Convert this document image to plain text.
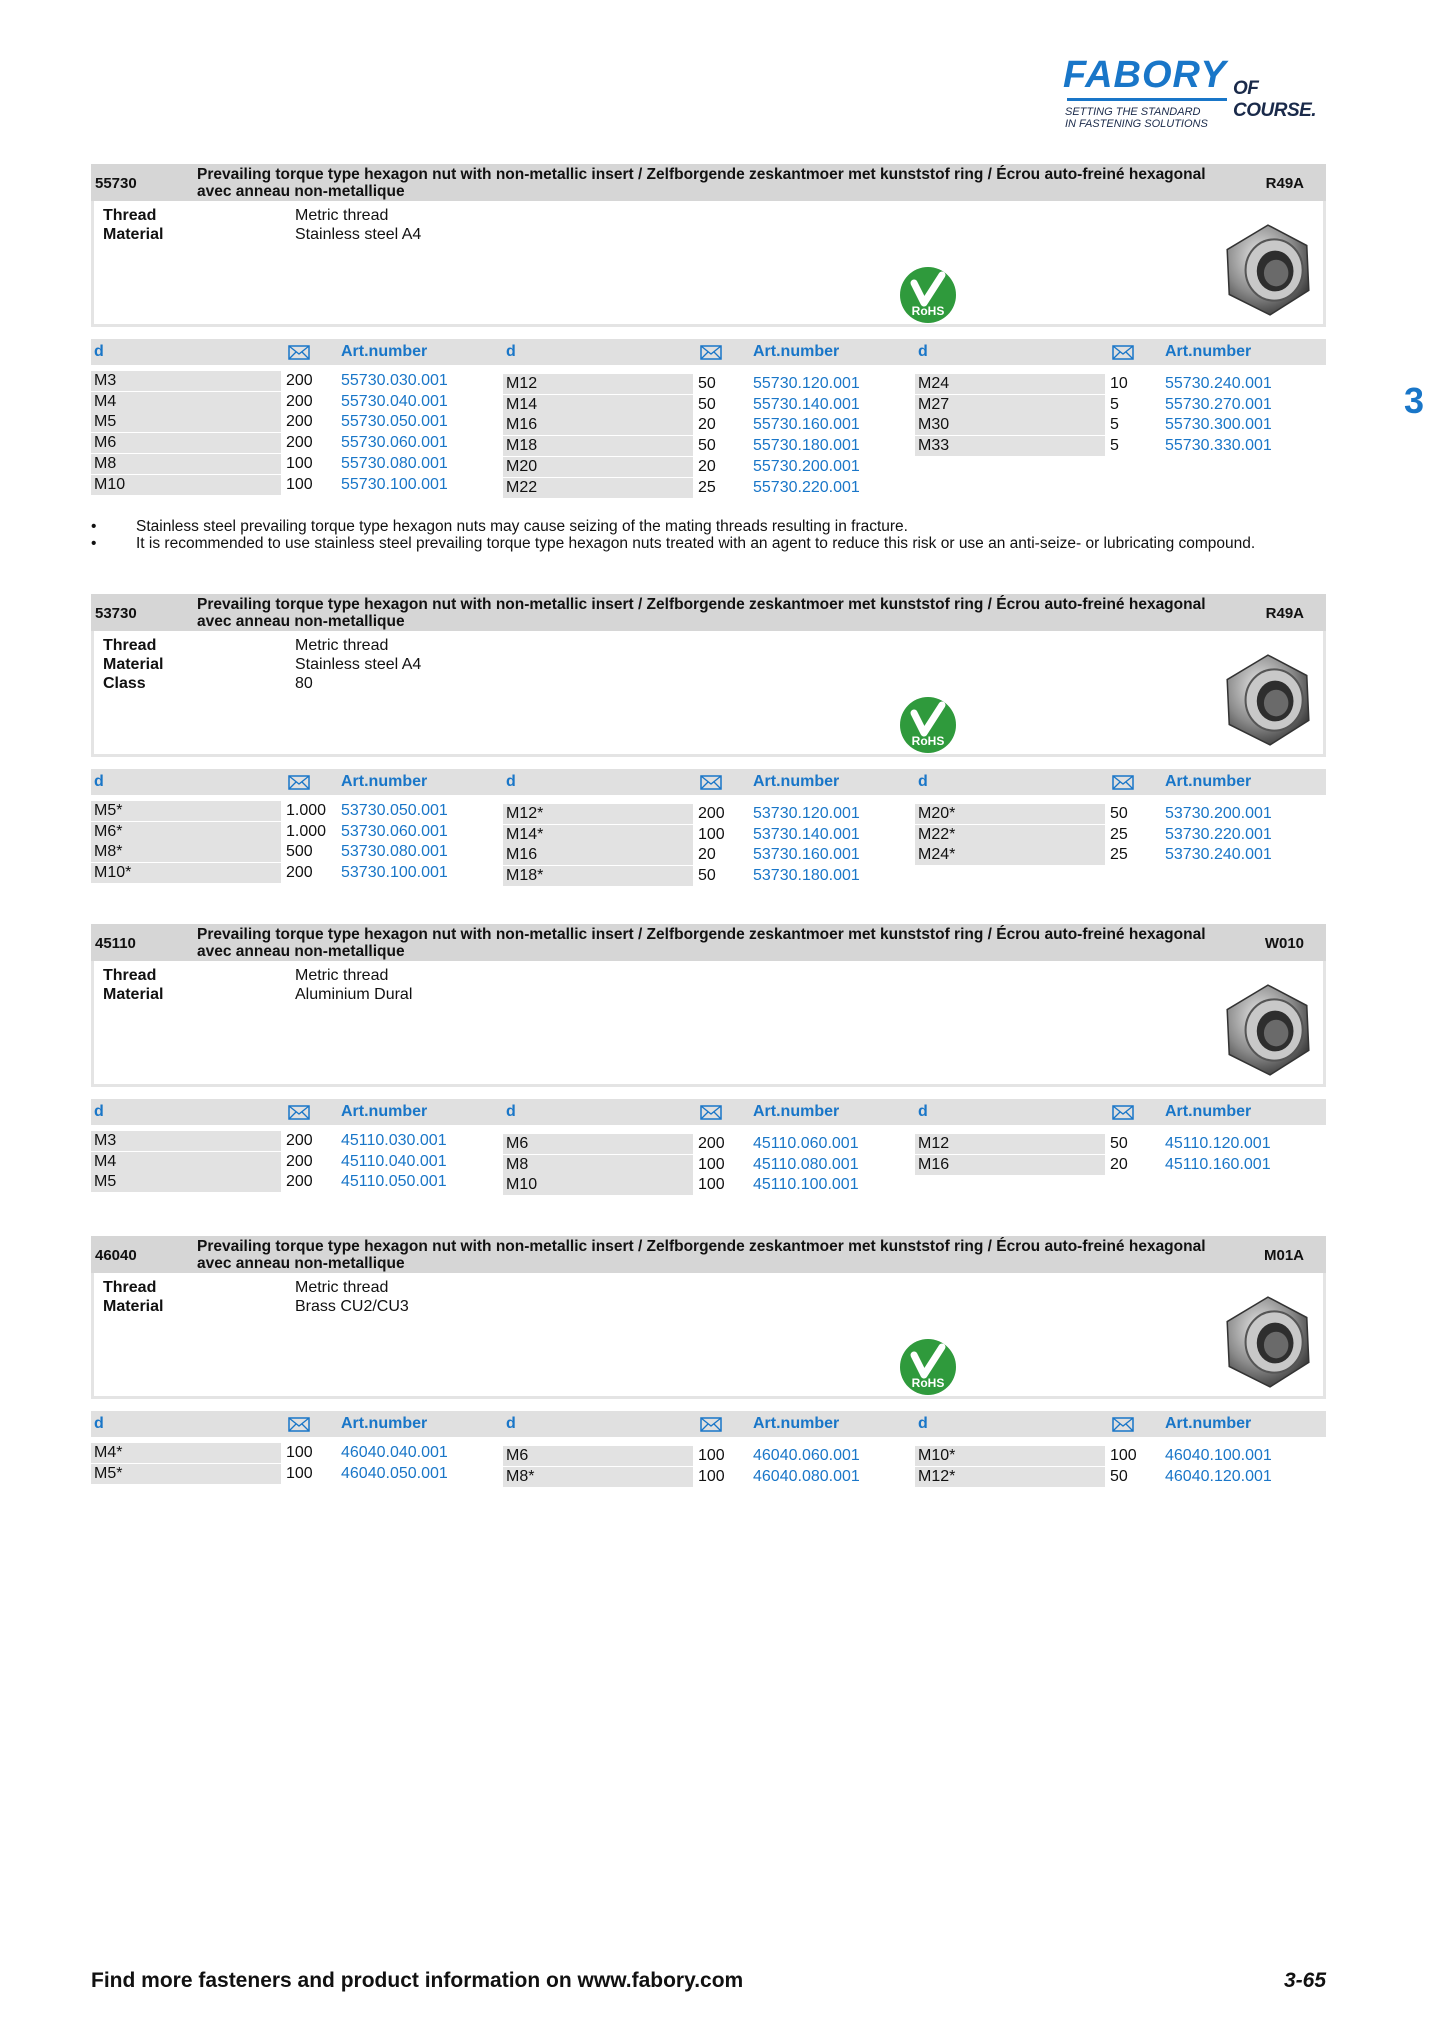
FABORY OF COURSE.
SETTING THE STANDARD
IN FASTENING SOLUTIONS
3
55730
Prevailing torque type hexagon nut with non-metallic insert / Zelfborgende zeskantmoer met kunststof ring / Écrou auto-freiné hexagonal avec anneau non-metallique	R49A
Thread	Metric thread
Material	Stainless steel A4
RoHS
d	Art.number	d	Art.number	d	Art.number
M3	200 55730.030.001
M4	200 55730.040.001
M5	200 55730.050.001
M6	200 55730.060.001
M8	100 55730.080.001
M10	100 55730.100.001
M12	50 55730.120.001
M14	50 55730.140.001
M16	20 55730.160.001
M18	50 55730.180.001
M20	20 55730.200.001
M22	25 55730.220.001
M24	10 55730.240.001
M27	5	55730.270.001
M30	5	55730.300.001
M33	5	55730.330.001
53730
Prevailing torque type hexagon nut with non-metallic insert / Zelfborgende zeskantmoer met kunststof ring / Écrou auto-freiné hexagonal avec anneau non-metallique	R49A
Thread	Metric thread
Material	Stainless steel A4
Class	80
RoHS
d	Art.number	d	Art.number	d	Art.number
M5*	1.000 53730.050.001
M6*	1.000 53730.060.001
M8*	500 53730.080.001
M10*	200 53730.100.001
M12*	200 53730.120.001
M14*	100 53730.140.001
M16	20 53730.160.001
M18*	50 53730.180.001
M20*	50 53730.200.001
M22*	25 53730.220.001
M24*	25 53730.240.001
45110
Prevailing torque type hexagon nut with non-metallic insert / Zelfborgende zeskantmoer met kunststof ring / Écrou auto-freiné hexagonal avec anneau non-metallique	W010
Thread	Metric thread
Material	Aluminium Dural
d	Art.number	d	Art.number	d	Art.number
M3	200 45110.030.001
M4	200 45110.040.001
M5	200 45110.050.001
M6	200 45110.060.001
M8	100 45110.080.001
M10	100 45110.100.001
M12	50 45110.120.001
M16	20 45110.160.001
46040
Prevailing torque type hexagon nut with non-metallic insert / Zelfborgende zeskantmoer met kunststof ring / Écrou auto-freiné hexagonal avec anneau non-metallique	M01A
Thread	Metric thread
Material	Brass CU2/CU3
RoHS
d	Art.number	d	Art.number	d	Art.number
M4*	100 46040.040.001
M5*	100 46040.050.001
M6	100 46040.060.001
M8*	100 46040.080.001
M10*	100 46040.100.001
M12*	50 46040.120.001
•	Stainless steel prevailing torque type hexagon nuts may cause seizing of the mating threads resulting in fracture.
•	It is recommended to use stainless steel prevailing torque type hexagon nuts treated with an agent to reduce this risk or use an anti-seize- or lubricating compound.
Find more fasteners and product information on www.fabory.com	3-65
